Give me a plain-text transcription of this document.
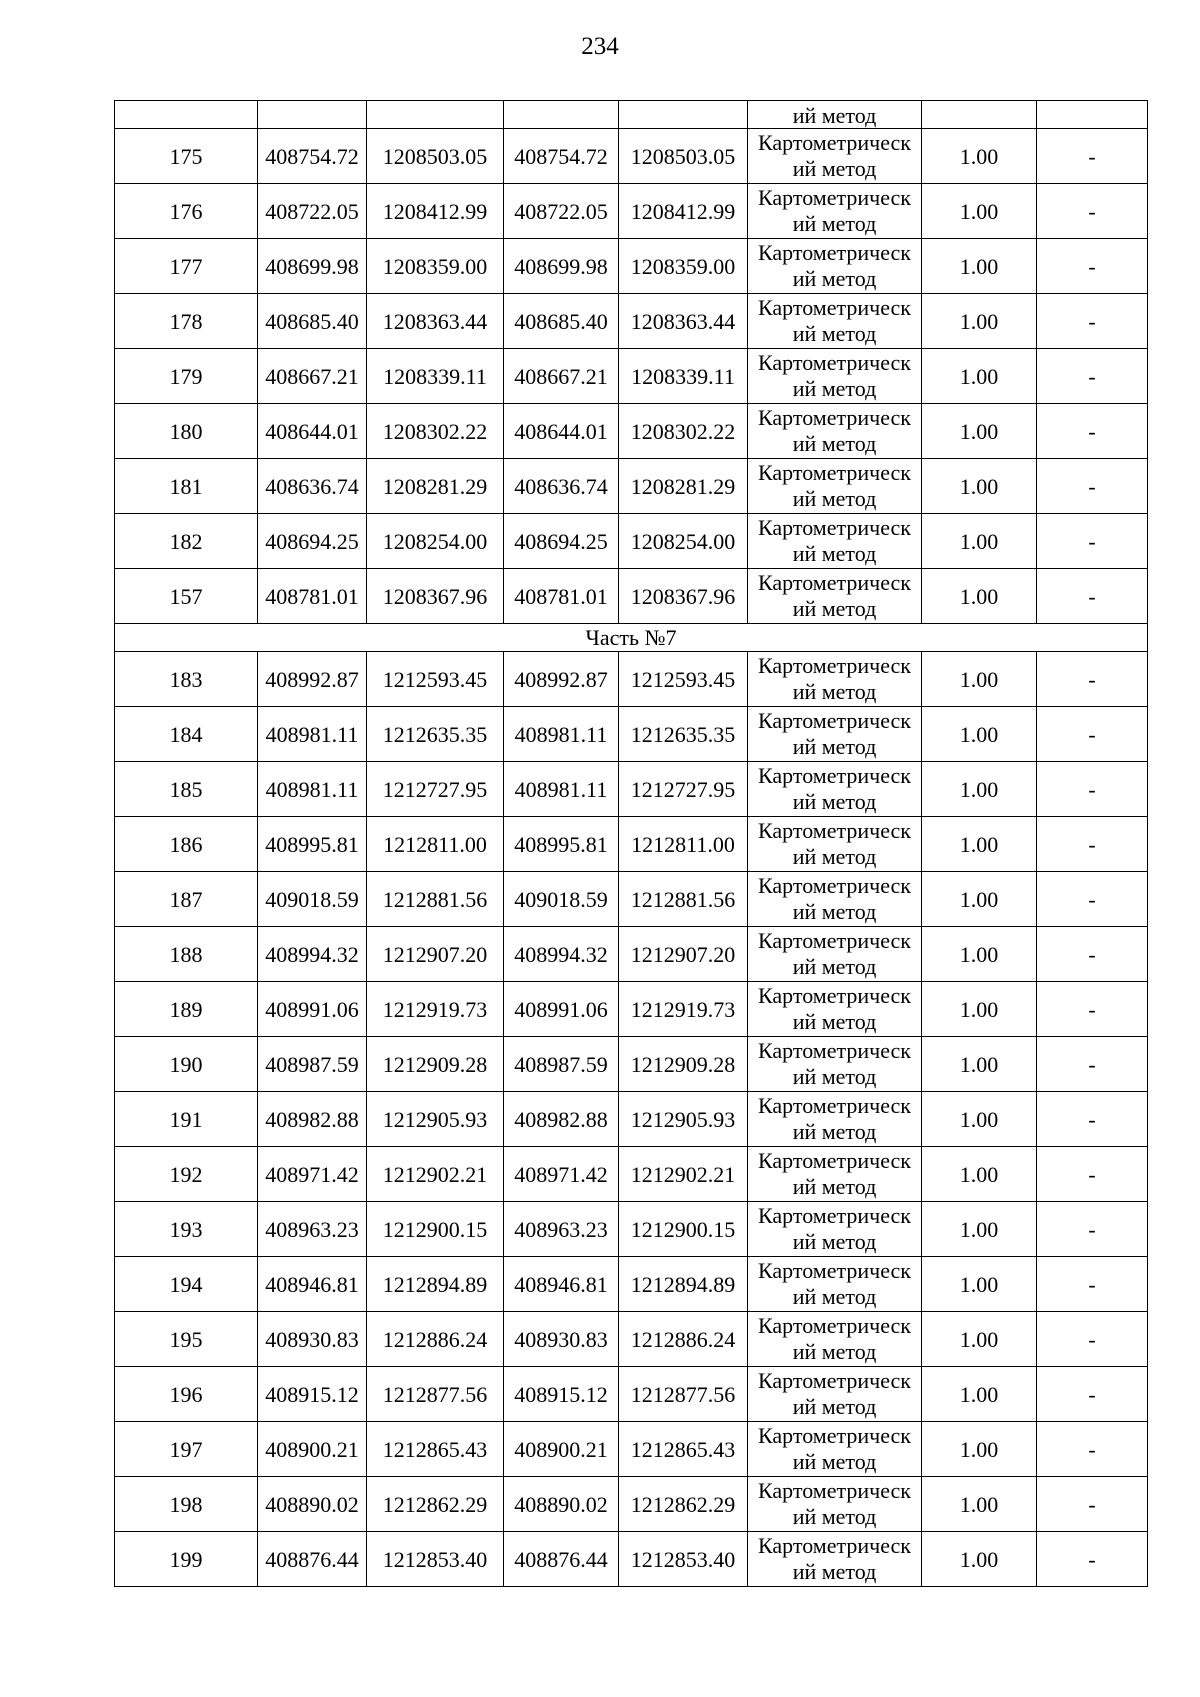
234

					ий метод		

175	408754.72	1208503.05	408754.72	1208503.05	Картометрическ
ий метод	1.00	-
176	408722.05	1208412.99	408722.05	1208412.99	Картометрическ
ий метод	1.00	-
177	408699.98	1208359.00	408699.98	1208359.00	Картометрическ
ий метод	1.00	-
178	408685.40	1208363.44	408685.40	1208363.44	Картометрическ
ий метод	1.00	-
179	408667.21	1208339.11	408667.21	1208339.11	Картометрическ
ий метод	1.00	-
180	408644.01	1208302.22	408644.01	1208302.22	Картометрическ
ий метод	1.00	-
181	408636.74	1208281.29	408636.74	1208281.29	Картометрическ
ий метод	1.00	-
182	408694.25	1208254.00	408694.25	1208254.00	Картометрическ
ий метод	1.00	-
157	408781.01	1208367.96	408781.01	1208367.96	Картометрическ
ий метод	1.00	-
Часть №7							
183	408992.87	1212593.45	408992.87	1212593.45	Картометрическ
ий метод	1.00	-
184	408981.11	1212635.35	408981.11	1212635.35	Картометрическ
ий метод	1.00	-
185	408981.11	1212727.95	408981.11	1212727.95	Картометрическ
ий метод	1.00	-
186	408995.81	1212811.00	408995.81	1212811.00	Картометрическ
ий метод	1.00	-
187	409018.59	1212881.56	409018.59	1212881.56	Картометрическ
ий метод	1.00	-
188	408994.32	1212907.20	408994.32	1212907.20	Картометрическ
ий метод	1.00	-
189	408991.06	1212919.73	408991.06	1212919.73	Картометрическ
ий метод	1.00	-
190	408987.59	1212909.28	408987.59	1212909.28	Картометрическ
ий метод	1.00	-
191	408982.88	1212905.93	408982.88	1212905.93	Картометрическ
ий метод	1.00	-
192	408971.42	1212902.21	408971.42	1212902.21	Картометрическ
ий метод	1.00	-
193	408963.23	1212900.15	408963.23	1212900.15	Картометрическ
ий метод	1.00	-
194	408946.81	1212894.89	408946.81	1212894.89	Картометрическ
ий метод	1.00	-
195	408930.83	1212886.24	408930.83	1212886.24	Картометрическ
ий метод	1.00	-
196	408915.12	1212877.56	408915.12	1212877.56	Картометрическ
ий метод	1.00	-
197	408900.21	1212865.43	408900.21	1212865.43	Картометрическ
ий метод	1.00	-
198	408890.02	1212862.29	408890.02	1212862.29	Картометрическ
ий метод	1.00	-
199	408876.44	1212853.40	408876.44	1212853.40	Картометрическ
ий метод	1.00	-
